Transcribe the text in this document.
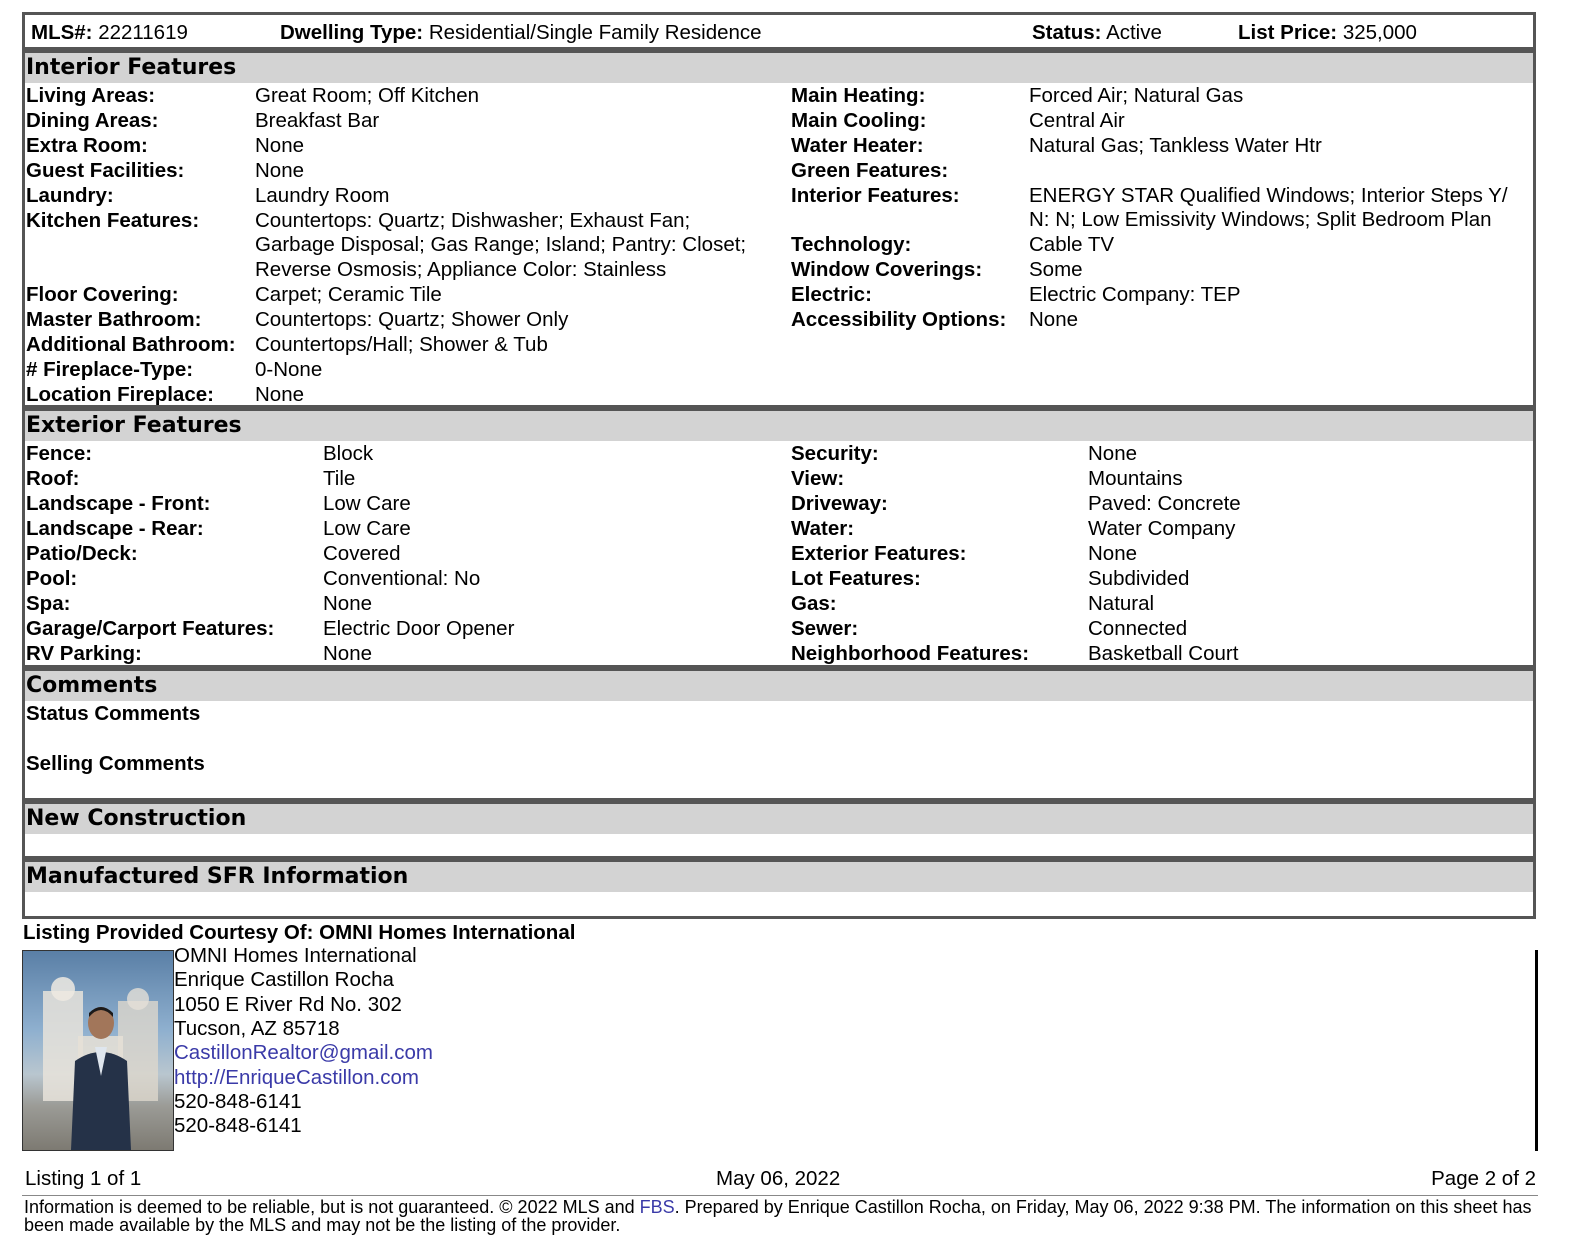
MLS#: 22211619	Dwelling Type: Residential/Single Family Residence	Status: Active	List Price: 325,000
Interior Features
Living Areas:	Great Room; Off Kitchen
Dining Areas:	Breakfast Bar
Extra Room:	None
Guest Facilities:	None
Laundry:	Laundry Room
Kitchen Features:	Countertops: Quartz; Dishwasher; Exhaust Fan;
Garbage Disposal; Gas Range; Island; Pantry: Closet;
Reverse Osmosis; Appliance Color: Stainless
Floor Covering:	Carpet; Ceramic Tile
Master Bathroom:	Countertops: Quartz; Shower Only
Additional Bathroom: Countertops/Hall; Shower & Tub
# Fireplace-Type:	0-None
Location Fireplace: None
Main Heating:	Forced Air; Natural Gas
Main Cooling:	Central Air
Water Heater:	Natural Gas; Tankless Water Htr
Green Features:
Interior Features:	ENERGY STAR Qualified Windows; Interior Steps Y/
N: N; Low Emissivity Windows; Split Bedroom Plan
Technology:	Cable TV
Window Coverings: Some
Electric:	Electric Company: TEP
Accessibility Options: None
Exterior Features
Fence:	Block
Roof:	Tile
Landscape - Front:	Low Care
Landscape - Rear:	Low Care
Patio/Deck:	Covered
Pool:	Conventional: No
Spa:	None
Garage/Carport Features: Electric Door Opener
RV Parking:	None
Security:	None
View:	Mountains
Driveway:	Paved: Concrete
Water:	Water Company
Exterior Features:	None
Lot Features:	Subdivided
Gas:	Natural
Sewer:	Connected
Neighborhood Features:	Basketball Court
Comments
Status Comments
Selling Comments
New Construction
Manufactured SFR Information
Listing Provided Courtesy Of: OMNI Homes International
OMNI Homes International
Enrique Castillon Rocha
1050 E River Rd No. 302
Tucson, AZ 85718
CastillonRealtor@gmail.com
http://EnriqueCastillon.com
520-848-6141
520-848-6141
Listing 1 of 1	May 06, 2022	Page 2 of 2
Information is deemed to be reliable, but is not guaranteed. © 2022 MLS and FBS. Prepared by Enrique Castillon Rocha, on Friday, May 06, 2022 9:38 PM. The information on this sheet has been made available by the MLS and may not be the listing of the provider.
